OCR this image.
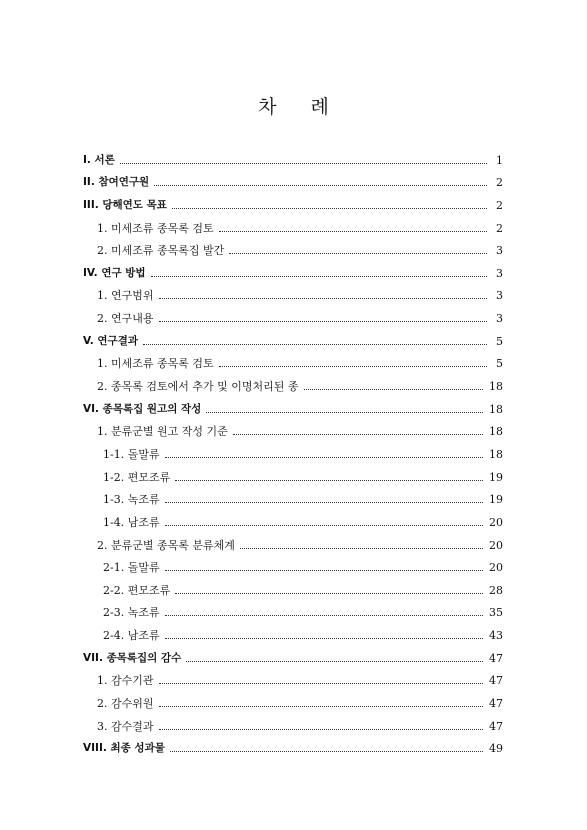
차 례
I. 서론	1
II. 참여연구원	2
III. 당해연도 목표	2
1. 미세조류 종목록 검토	2
2. 미세조류 종목록집 발간	3
IV. 연구 방법	3
1. 연구범위	3
2. 연구내용	3
V. 연구결과	5
1. 미세조류 종목록 검토	5
2. 종목록 검토에서 추가 및 이명처리된 종	18
VI. 종목록집 원고의 작성	18
1. 분류군별 원고 작성 기준	18
1-1. 돌말류	18
1-2. 편모조류	19
1-3. 녹조류	19
1-4. 남조류	20
2. 분류군별 종목록 분류체계	20
2-1. 돌말류	20
2-2. 편모조류	28
2-3. 녹조류	35
2-4. 남조류	43
VII. 종목록집의 감수	47
1. 감수기관	47
2. 감수위원	47
3. 감수결과	47
VIII. 최종 성과물	49
